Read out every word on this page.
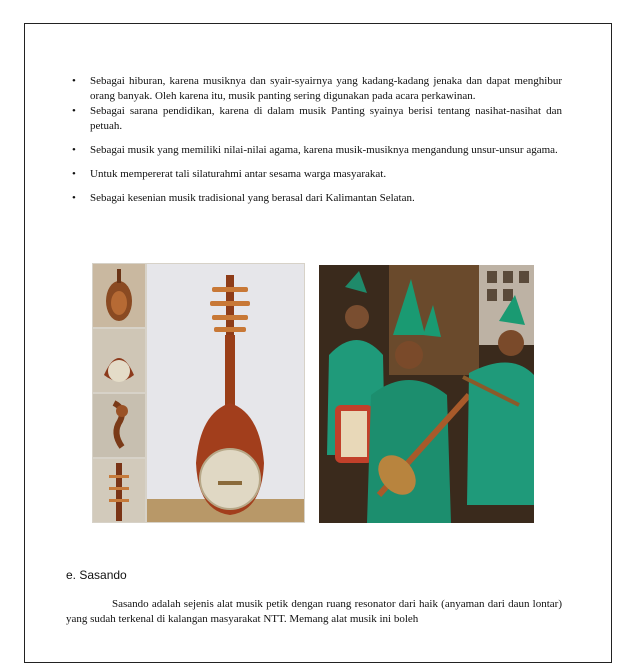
• Sebagai hiburan, karena musiknya dan syair-syairnya yang kadang-kadang jenaka dan dapat menghibur orang banyak. Oleh karena itu, musik panting sering digunakan pada acara perkawinan.
• Sebagai sarana pendidikan, karena di dalam musik Panting syainya berisi tentang nasihat-nasihat dan petuah.
• Sebagai musik yang memiliki nilai-nilai agama, karena musik-musiknya mengandung unsur-unsur agama.
• Untuk mempererat tali silaturahmi antar sesama warga masyarakat.
• Sebagai kesenian musik tradisional yang berasal dari Kalimantan Selatan.
e. Sasando

Sasando adalah sejenis alat musik petik dengan ruang resonator dari haik (anyaman dari daun lontar) yang sudah terkenal di kalangan masyarakat NTT. Memang alat musik ini boleh
